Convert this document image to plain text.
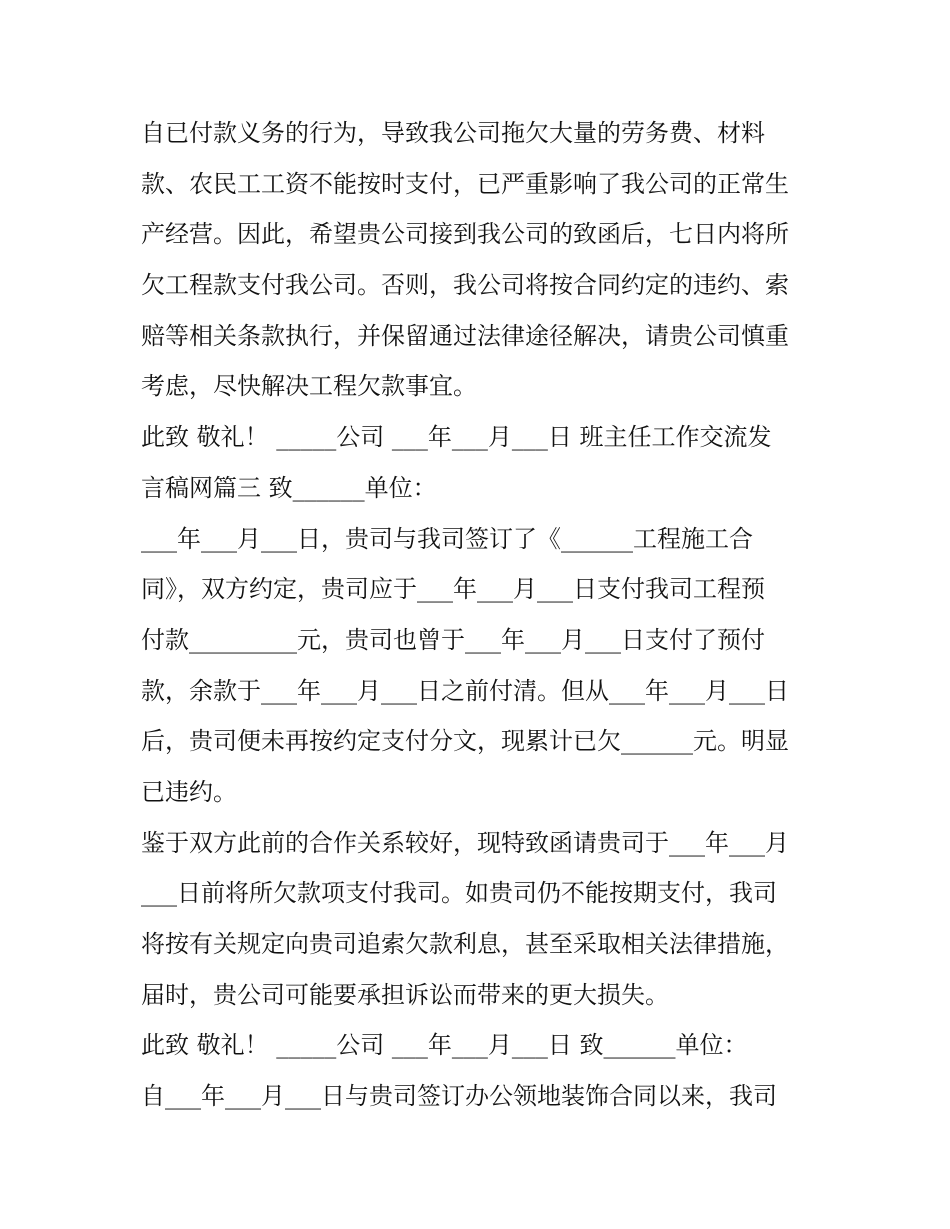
自已付款义务的行为，导致我公司拖欠大量的劳务费、材料
款、农民工工资不能按时支付，已严重影响了我公司的正常生
产经营。因此，希望贵公司接到我公司的致函后，七日内将所
欠工程款支付我公司。否则，我公司将按合同约定的违约、索
赔等相关条款执行，并保留通过法律途径解决，请贵公司慎重
考虑，尽快解决工程欠款事宜。
此致 敬礼！ _____公司 ___年___月___日 班主任工作交流发
言稿网篇三 致______单位：
___年___月___日，贵司与我司签订了《______工程施工合
同》，双方约定，贵司应于___年___月___日支付我司工程预
付款_________元，贵司也曾于___年___月___日支付了预付
款，余款于___年___月___日之前付清。但从___年___月___日
后，贵司便未再按约定支付分文，现累计已欠______元。明显
已违约。
鉴于双方此前的合作关系较好，现特致函请贵司于___年___月
___日前将所欠款项支付我司。如贵司仍不能按期支付，我司
将按有关规定向贵司追索欠款利息，甚至采取相关法律措施，
届时，贵公司可能要承担诉讼而带来的更大损失。
此致 敬礼！ _____公司 ___年___月___日 致______单位：
自___年___月___日与贵司签订办公领地装饰合同以来，我司
